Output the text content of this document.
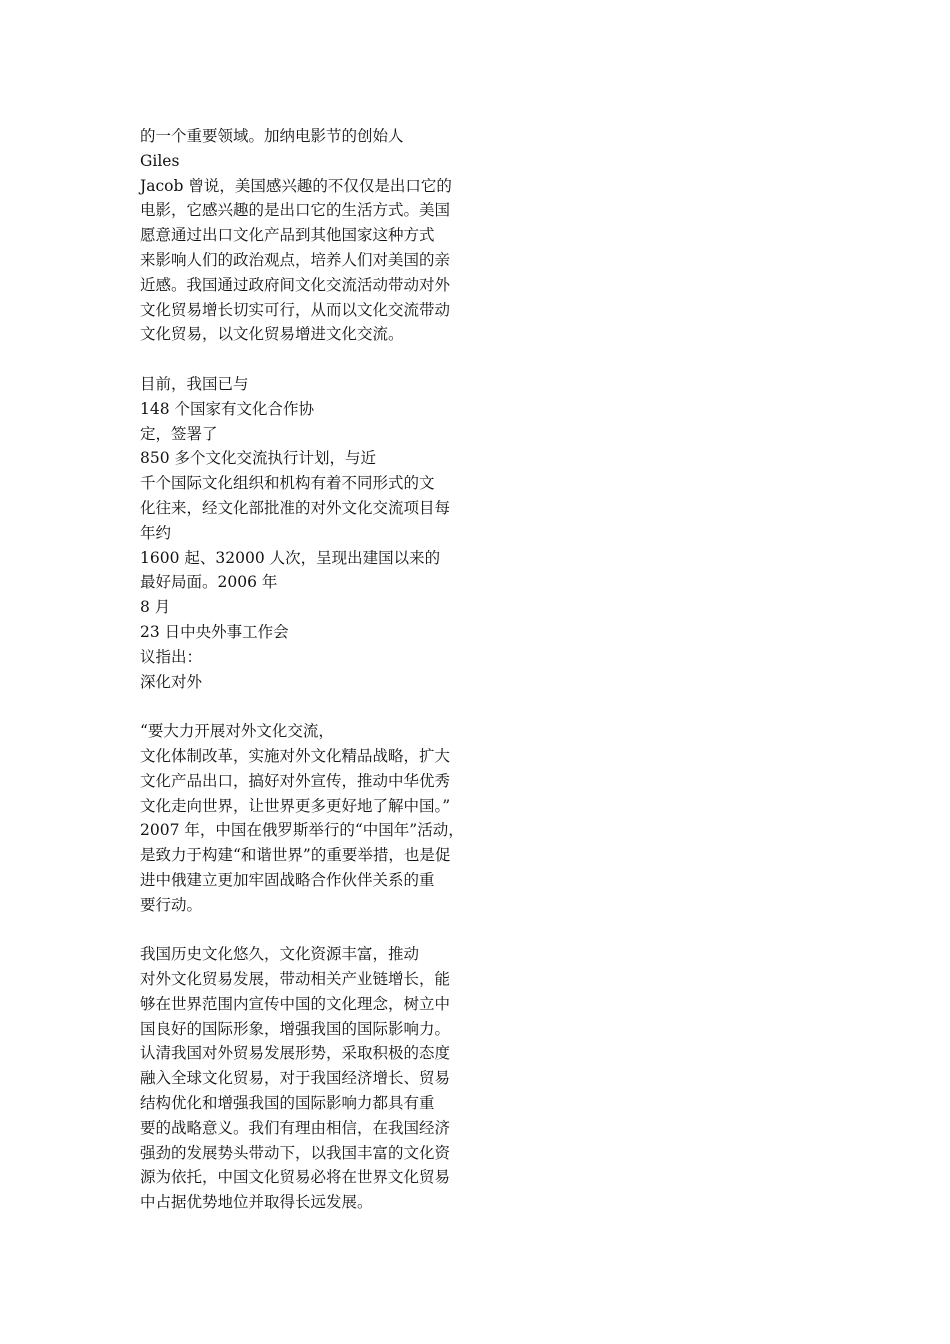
的一个重要领域。加纳电影节的创始人
Giles
Jacob 曾说，美国感兴趣的不仅仅是出口它的
电影，它感兴趣的是出口它的生活方式。美国
愿意通过出口文化产品到其他国家这种方式
来影响人们的政治观点，培养人们对美国的亲
近感。我国通过政府间文化交流活动带动对外
文化贸易增长切实可行，从而以文化交流带动
文化贸易，以文化贸易增进文化交流。
目前，我国已与
148 个国家有文化合作协
定，签署了
850 多个文化交流执行计划，与近
千个国际文化组织和机构有着不同形式的文
化往来，经文化部批准的对外文化交流项目每
年约
1600 起、32000 人次，呈现出建国以来的
最好局面。2006 年
8 月
23 日中央外事工作会
议指出：
深化对外
“要大力开展对外文化交流，
文化体制改革，实施对外文化精品战略，扩大
文化产品出口，搞好对外宣传，推动中华优秀
文化走向世界，让世界更多更好地了解中国。”
2007 年，中国在俄罗斯举行的“中国年”活动，
是致力于构建“和谐世界”的重要举措，也是促
进中俄建立更加牢固战略合作伙伴关系的重
要行动。
我国历史文化悠久，文化资源丰富，推动
对外文化贸易发展，带动相关产业链增长，能
够在世界范围内宣传中国的文化理念，树立中
国良好的国际形象，增强我国的国际影响力。
认清我国对外贸易发展形势，采取积极的态度
融入全球文化贸易，对于我国经济增长、贸易
结构优化和增强我国的国际影响力都具有重
要的战略意义。我们有理由相信，在我国经济
强劲的发展势头带动下，以我国丰富的文化资
源为依托，中国文化贸易必将在世界文化贸易
中占据优势地位并取得长远发展。
